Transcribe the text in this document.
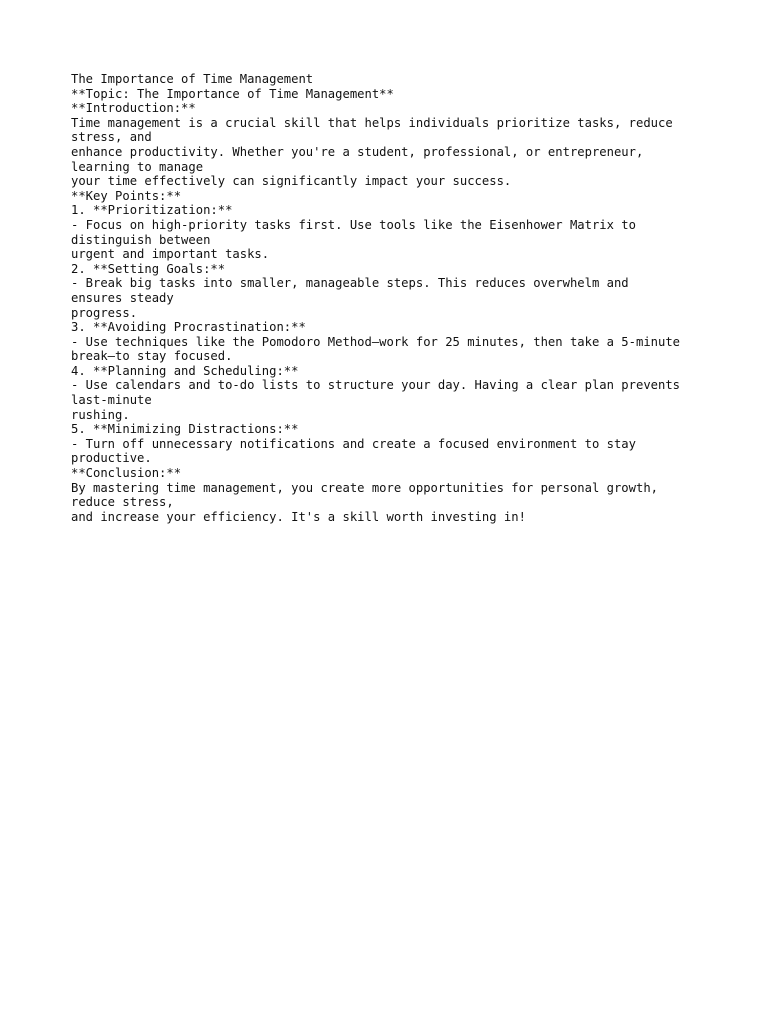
The Importance of Time Management
**Topic: The Importance of Time Management**
**Introduction:**
Time management is a crucial skill that helps individuals prioritize tasks, reduce
stress, and
enhance productivity. Whether you're a student, professional, or entrepreneur,
learning to manage
your time effectively can significantly impact your success.
**Key Points:**
1. **Prioritization:**
- Focus on high-priority tasks first. Use tools like the Eisenhower Matrix to
distinguish between
urgent and important tasks.
2. **Setting Goals:**
- Break big tasks into smaller, manageable steps. This reduces overwhelm and
ensures steady
progress.
3. **Avoiding Procrastination:**
- Use techniques like the Pomodoro Method—work for 25 minutes, then take a 5-minute
break—to stay focused.
4. **Planning and Scheduling:**
- Use calendars and to-do lists to structure your day. Having a clear plan prevents
last-minute
rushing.
5. **Minimizing Distractions:**
- Turn off unnecessary notifications and create a focused environment to stay
productive.
**Conclusion:**
By mastering time management, you create more opportunities for personal growth,
reduce stress,
and increase your efficiency. It's a skill worth investing in!
